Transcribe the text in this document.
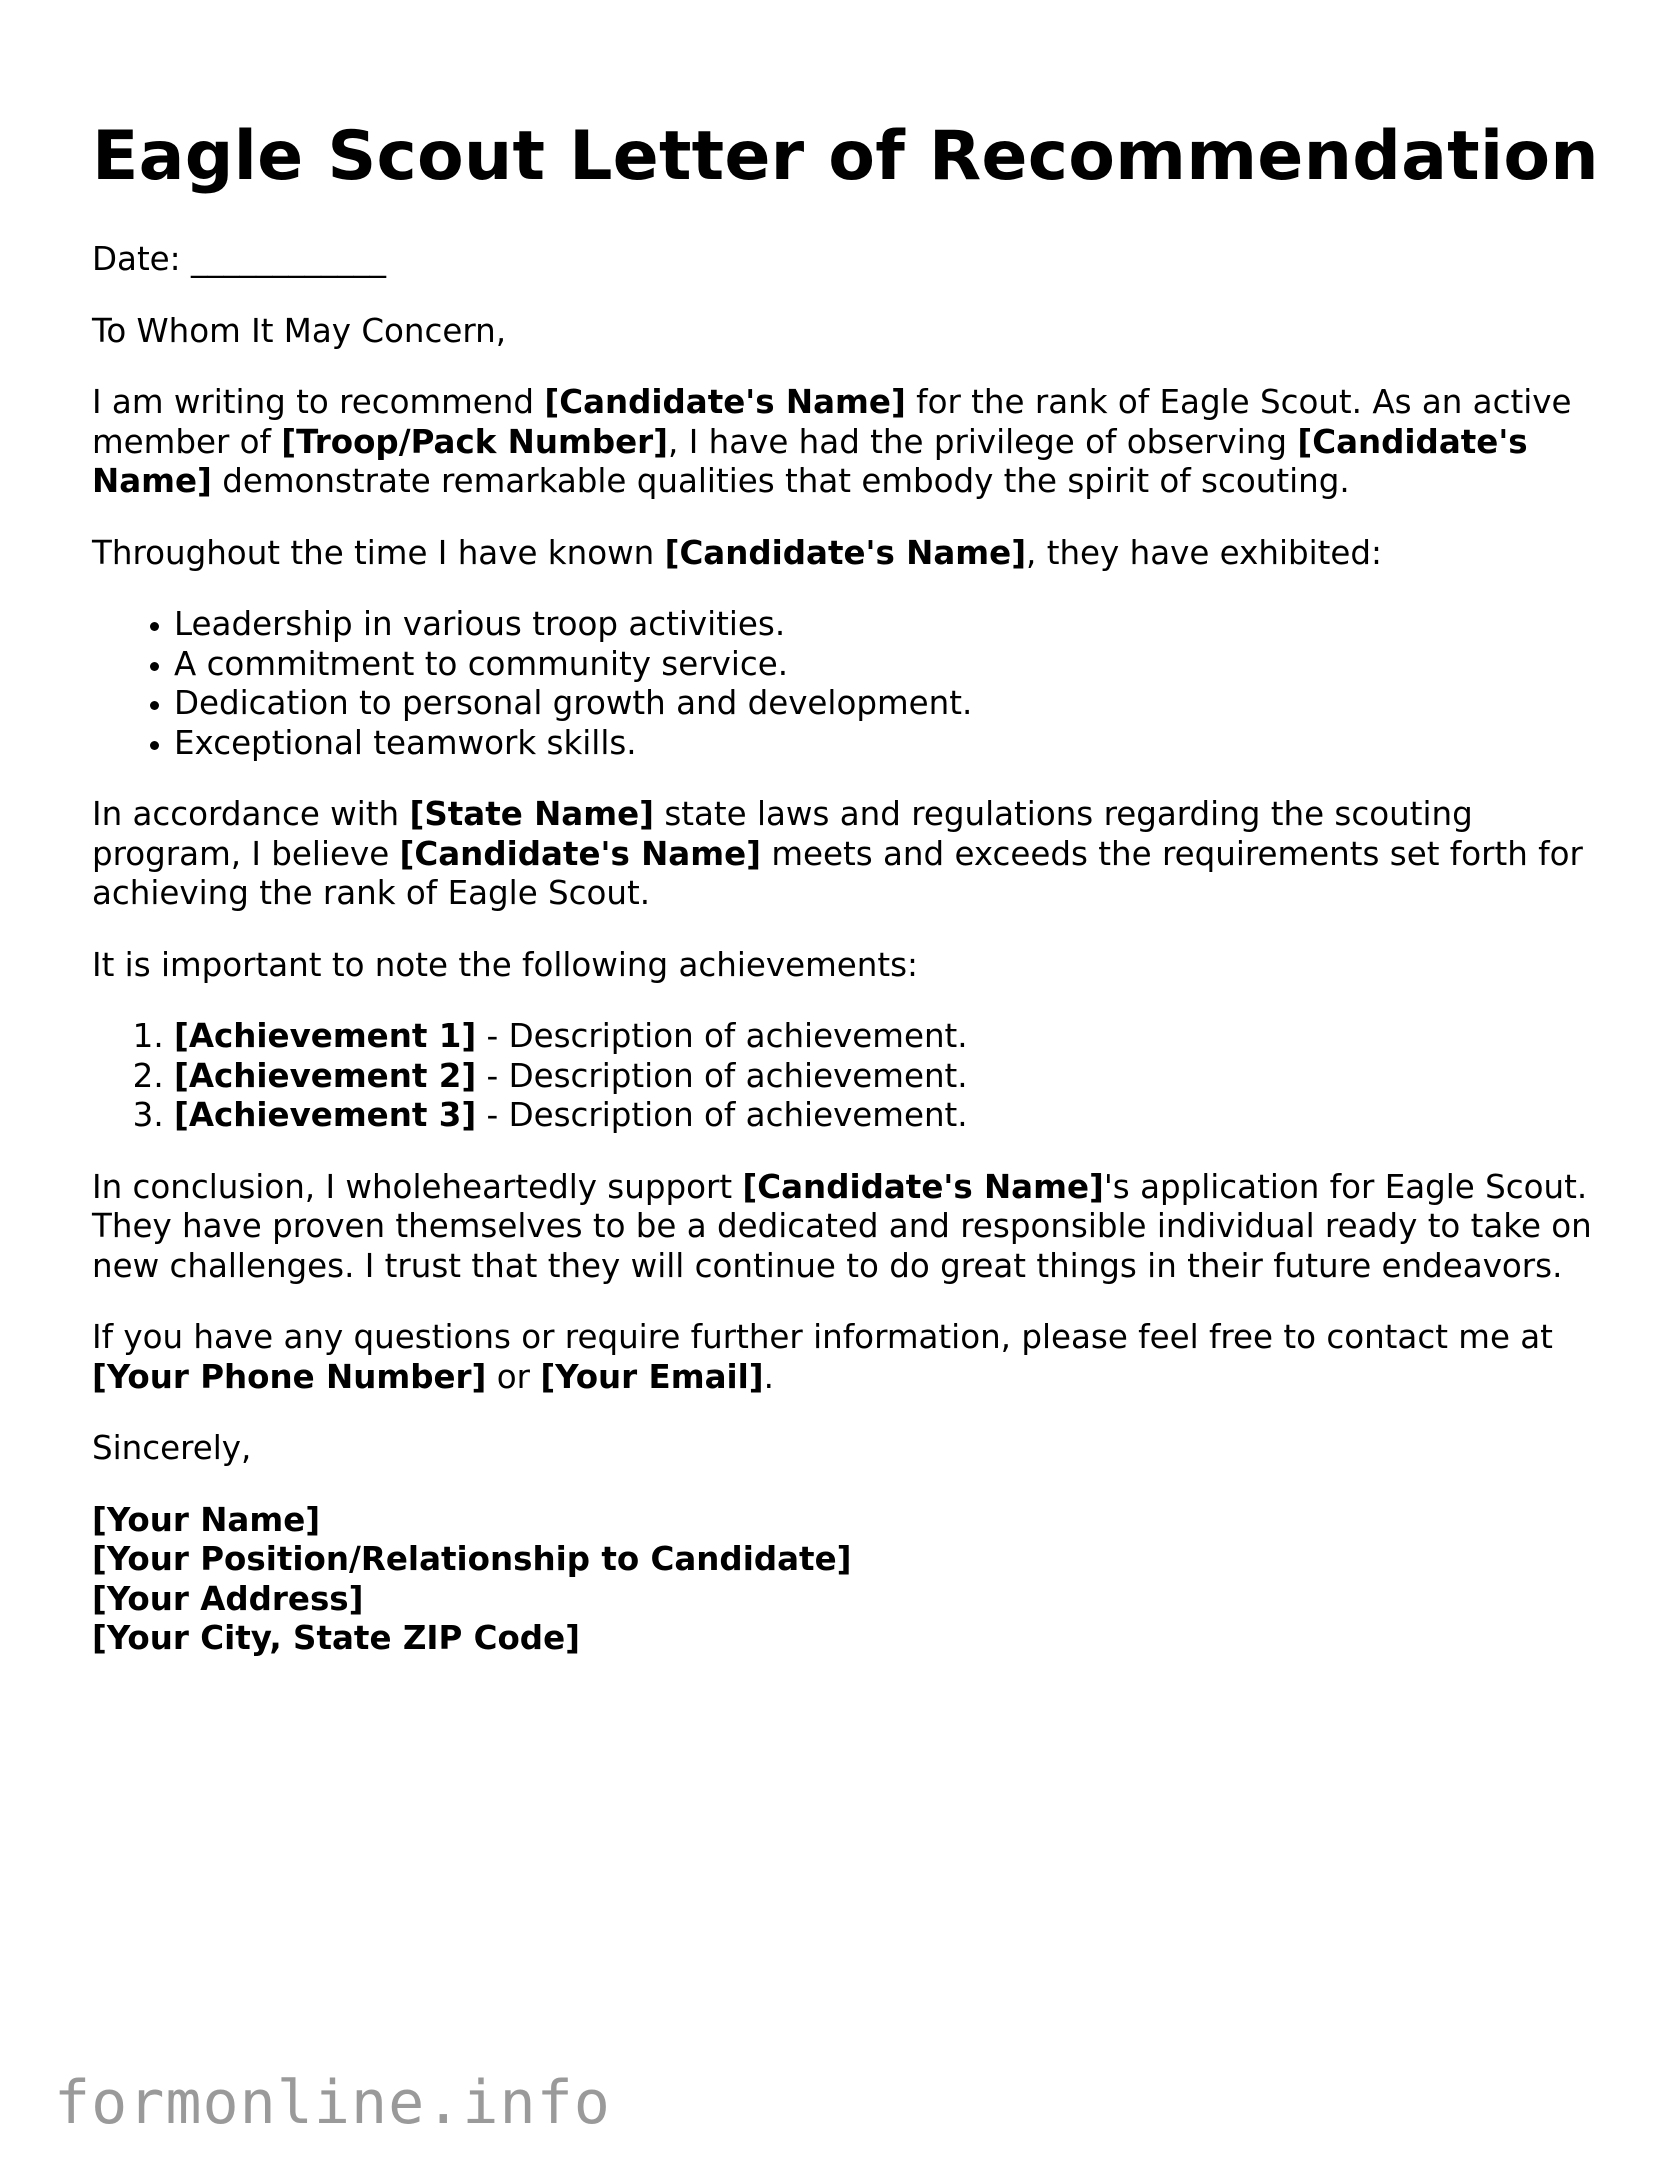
Eagle Scout Letter of Recommendation

Date: ____________

To Whom It May Concern,

I am writing to recommend [Candidate's Name] for the rank of Eagle Scout. As an active member of [Troop/Pack Number], I have had the privilege of observing [Candidate's Name] demonstrate remarkable qualities that embody the spirit of scouting.

Throughout the time I have known [Candidate's Name], they have exhibited:

• Leadership in various troop activities.
• A commitment to community service.
• Dedication to personal growth and development.
• Exceptional teamwork skills.

In accordance with [State Name] state laws and regulations regarding the scouting program, I believe [Candidate's Name] meets and exceeds the requirements set forth for achieving the rank of Eagle Scout.

It is important to note the following achievements:

1. [Achievement 1] - Description of achievement.
2. [Achievement 2] - Description of achievement.
3. [Achievement 3] - Description of achievement.

In conclusion, I wholeheartedly support [Candidate's Name]'s application for Eagle Scout. They have proven themselves to be a dedicated and responsible individual ready to take on new challenges. I trust that they will continue to do great things in their future endeavors.

If you have any questions or require further information, please feel free to contact me at [Your Phone Number] or [Your Email].

Sincerely,

[Your Name]
[Your Position/Relationship to Candidate]
[Your Address]
[Your City, State ZIP Code]
formonline.info
